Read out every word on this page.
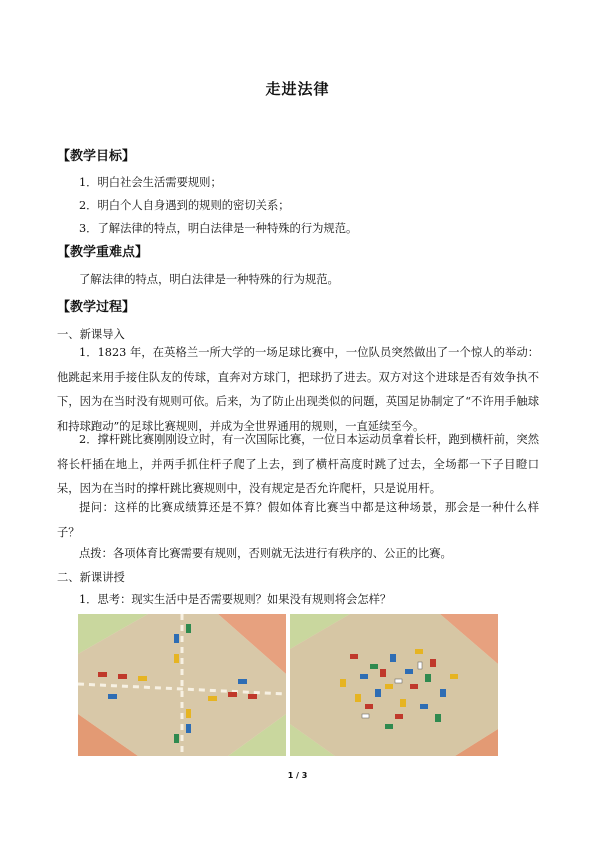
走进法律
【教学目标】
1．明白社会生活需要规则；
2．明白个人自身遇到的规则的密切关系；
3．了解法律的特点，明白法律是一种特殊的行为规范。
【教学重难点】
了解法律的特点，明白法律是一种特殊的行为规范。
【教学过程】
一、新课导入
1．1823 年，在英格兰一所大学的一场足球比赛中，一位队员突然做出了一个惊人的举动：他跳起来用手接住队友的传球，直奔对方球门，把球扔了进去。双方对这个进球是否有效争执不下，因为在当时没有规则可依。后来，为了防止出现类似的问题，英国足协制定了“不许用手触球和持球跑动”的足球比赛规则，并成为全世界通用的规则，一直延续至今。
2．撑杆跳比赛刚刚设立时，有一次国际比赛，一位日本运动员拿着长杆，跑到横杆前，突然将长杆插在地上，并两手抓住杆子爬了上去，到了横杆高度时跳了过去，全场都一下子目瞪口呆，因为在当时的撑杆跳比赛规则中，没有规定是否允许爬杆，只是说用杆。
提问：这样的比赛成绩算还是不算？假如体育比赛当中都是这种场景，那会是一种什么样子？
点拨：各项体育比赛需要有规则，否则就无法进行有秩序的、公正的比赛。
二、新课讲授
1．思考：现实生活中是否需要规则？如果没有规则将会怎样？
1 / 3
